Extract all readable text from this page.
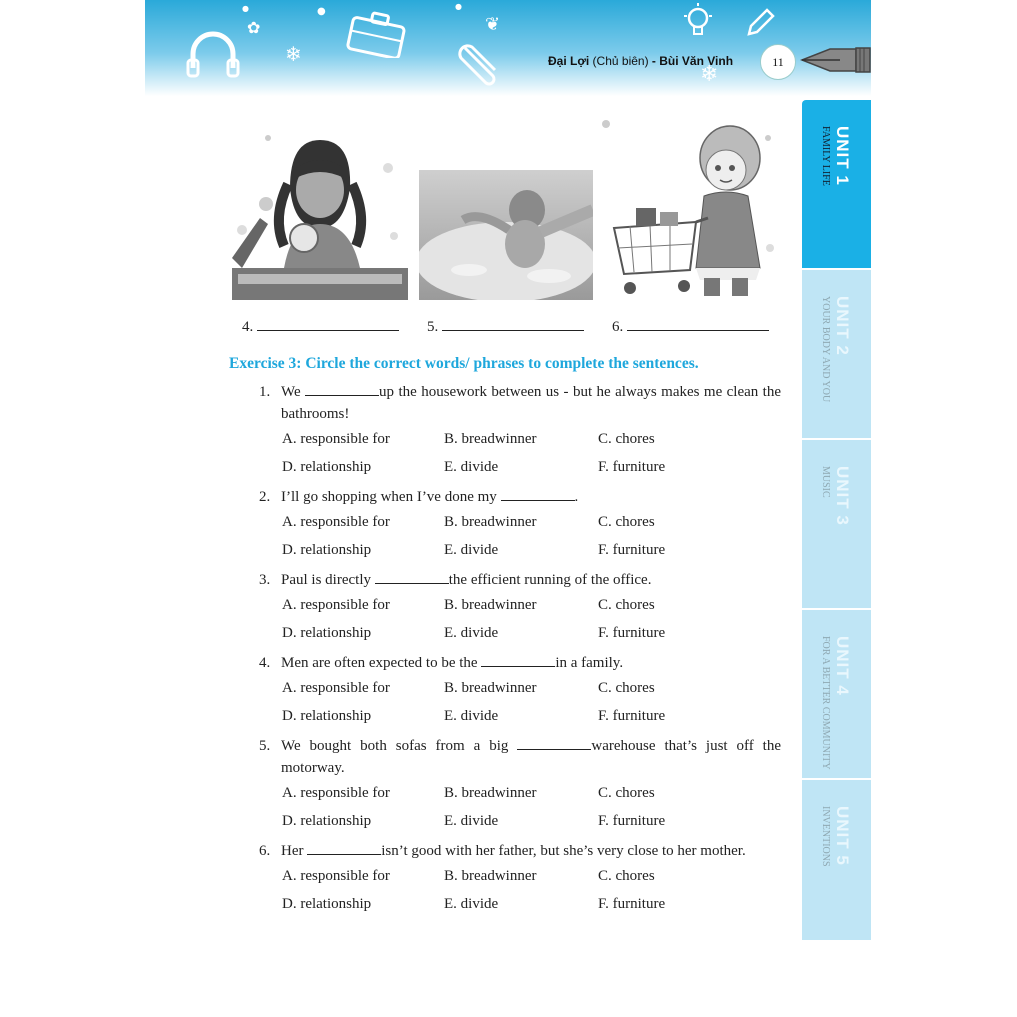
❄
✿	❦
❄
●
●	●
Đại Lợi (Chủ biên) - Bùi Văn Vinh	11
4.	5.	6.
Exercise 3: Circle the correct words/ phrases to complete the sentences.
1. We	up the housework between us - but he always makes me clean the bathrooms!
A. responsible for	B. breadwinner	C. chores
D. relationship	E. divide	F. furniture
2. I’ll go shopping when I’ve done my	.
A. responsible for	B. breadwinner	C. chores
D. relationship	E. divide	F. furniture
3. Paul is directly	the efficient running of the office.
A. responsible for	B. breadwinner	C. chores
D. relationship	E. divide	F. furniture
4. Men are often expected to be the	in a family.
A. responsible for	B. breadwinner	C. chores
D. relationship	E. divide	F. furniture
5. We bought both sofas from a big	warehouse that’s just off the motorway.
A. responsible for	B. breadwinner	C. chores
D. relationship	E. divide	F. furniture
6. Her	isn’t good with her father, but she’s very close to her mother.
A. responsible for	B. breadwinner	C. chores
D. relationship	E. divide	F. furniture
UNIT 1
FAMILY LIFE
UNIT 2
YOUR BODY AND YOU
UNIT 3
MUSIC
UNIT 4
FOR A BETTER COMMUNITY
UNIT 5
INVENTIONS
